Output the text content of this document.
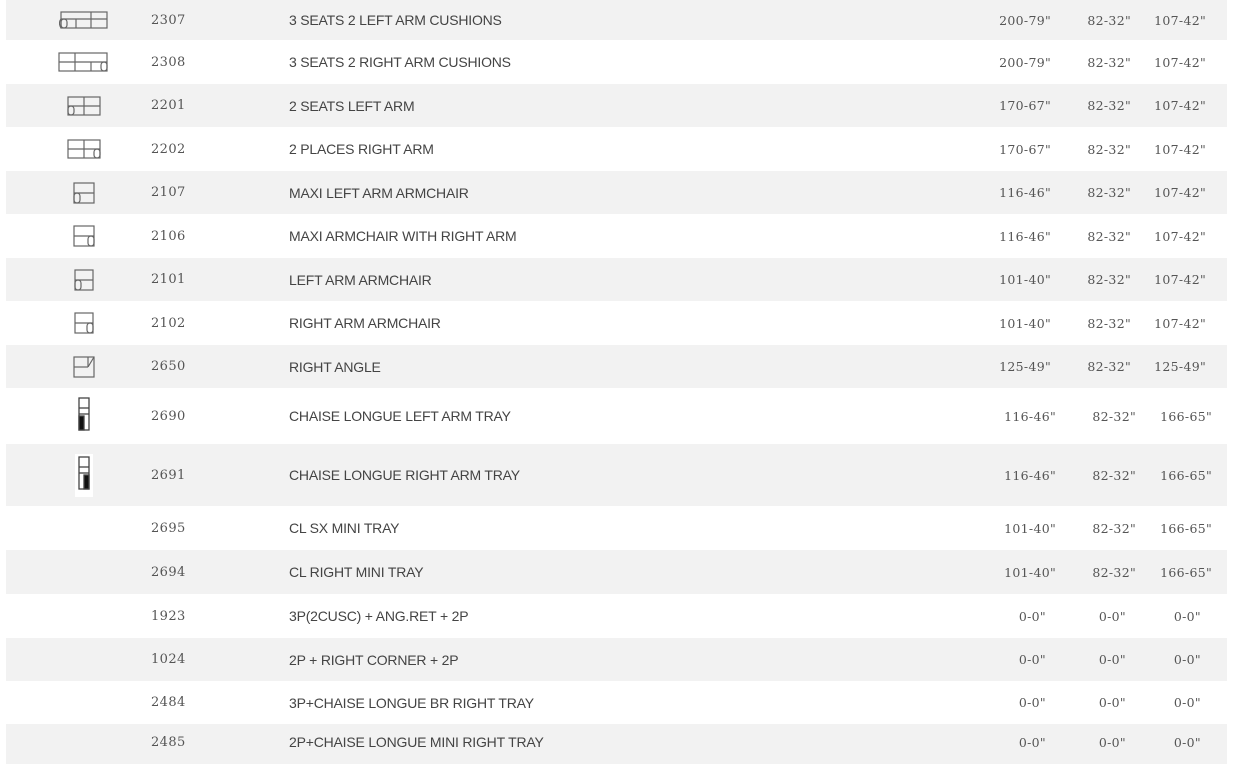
2307	3 SEATS 2 LEFT ARM CUSHIONS	200-79"	82-32"	107-42"
2308	3 SEATS 2 RIGHT ARM CUSHIONS	200-79"	82-32"	107-42"
2201	2 SEATS LEFT ARM	170-67"	82-32"	107-42"
2202	2 PLACES RIGHT ARM	170-67"	82-32"	107-42"
2107	MAXI LEFT ARM ARMCHAIR	116-46"	82-32"	107-42"
2106	MAXI ARMCHAIR WITH RIGHT ARM	116-46"	82-32"	107-42"
2101	LEFT ARM ARMCHAIR	101-40"	82-32"	107-42"
2102	RIGHT ARM ARMCHAIR	101-40"	82-32"	107-42"
2650	RIGHT ANGLE	125-49"	82-32"	125-49"
2690	CHAISE LONGUE LEFT ARM TRAY	116-46"	82-32"	166-65"
2691	CHAISE LONGUE RIGHT ARM TRAY	116-46"	82-32"	166-65"
2695	CL SX MINI TRAY	101-40"	82-32"	166-65"
2694	CL RIGHT MINI TRAY	101-40"	82-32"	166-65"
1923	3P(2CUSC) + ANG.RET + 2P	0-0"	0-0"	0-0"
1024	2P + RIGHT CORNER + 2P	0-0"	0-0"	0-0"
2484	3P+CHAISE LONGUE BR RIGHT TRAY	0-0"	0-0"	0-0"
2485	2P+CHAISE LONGUE MINI RIGHT TRAY	0-0"	0-0"	0-0"
